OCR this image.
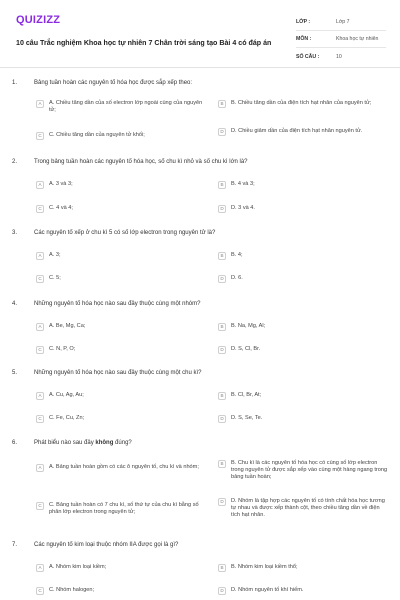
QUIZIZZ
10 câu Trắc nghiệm Khoa học tự nhiên 7 Chân trời sáng tạo Bài 4 có đáp án
LỚP :	Lớp 7
MÔN :	Khoa học tự nhiên
SỐ CÂU :	10
1.	Bảng tuần hoàn các nguyên tố hóa học được sắp xếp theo:
A	A. Chiều tăng dần của số electron lớp ngoài cùng của nguyên tử;
B	B. Chiều tăng dần của điện tích hạt nhân của nguyên tử;
C	C. Chiều tăng dần của nguyên tử khối;
D	D. Chiều giảm dần của điện tích hạt nhân nguyên tử.
2.	Trong bảng tuần hoàn các nguyên tố hóa học, số chu kì nhỏ và số chu kì lớn là?
A	A. 3 và 3;	B	B. 4 và 3;
C	C. 4 và 4;	D	D. 3 và 4.
3.	Các nguyên tố xếp ở chu kì 5 có số lớp electron trong nguyên tử là?
A	A. 3;	B	B. 4;
C	C. 5;	D	D. 6.
4.	Những nguyên tố hóa học nào sau đây thuộc cùng một nhóm?
A	A. Be, Mg, Ca;	B	B. Na, Mg, Al;
C	C. N, P, O;	D	D. S, Cl, Br.
5.	Những nguyên tố hóa học nào sau đây thuộc cùng một chu kì?
A	A. Cu, Ag, Au;	B	B. Cl, Br, At;
C	C. Fe, Cu, Zn;	D	D. S, Se, Te.
6.	Phát biểu nào sau đây không đúng?
A	A. Bảng tuần hoàn gồm có các ô nguyên tố, chu kì và nhóm;
B	B. Chu kì là các nguyên tố hóa học có cùng số lớp electron trong nguyên tử được sắp xếp vào cùng một hàng ngang trong bảng tuần hoàn;
C	C. Bảng tuần hoàn có 7 chu kì, số thứ tự của chu kì bằng số phân lớp electron trong nguyên tử;
D	D. Nhóm là tập hợp các nguyên tố có tính chất hóa học tương tự nhau và được xếp thành cột, theo chiều tăng dần về điện tích hạt nhân.
7.	Các nguyên tố kim loại thuộc nhóm IIA được gọi là gì?
A	A. Nhóm kim loại kiềm;	B	B. Nhóm kim loại kiềm thổ;
C	C. Nhóm halogen;	D	D. Nhóm nguyên tố khí hiếm.
